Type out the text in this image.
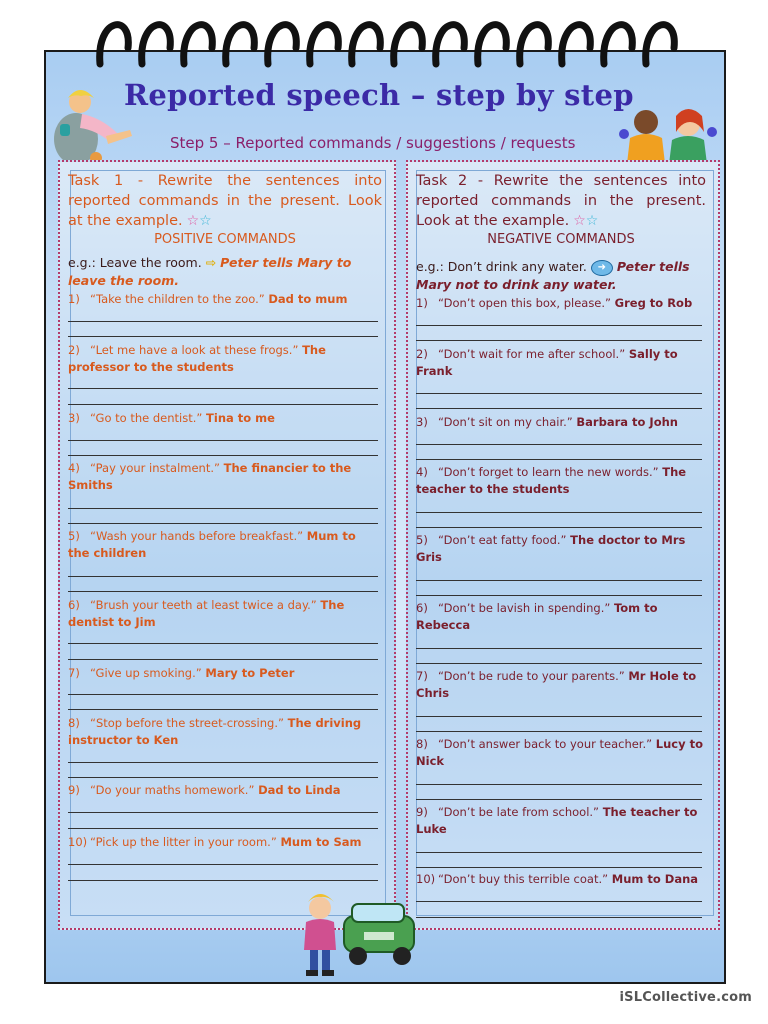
Reported speech – step by step
Step 5 – Reported commands / suggestions / requests
Task 1 - Rewrite the sentences into reported commands in the present. Look at the example. ☆☆
POSITIVE COMMANDS
e.g.: Leave the room. ⇨ Peter tells Mary to leave the room.
Task 2 - Rewrite the sentences into reported commands in the present. Look at the example. ☆☆
NEGATIVE COMMANDS
e.g.: Don’t drink any water. ➜ Peter tells Mary not to drink any water.
1) “Take the children to the zoo.” Dad to mum
2) “Let me have a look at these frogs.” The professor to the students
3) “Go to the dentist.” Tina to me
4) “Pay your instalment.” The financier to the Smiths
5) “Wash your hands before breakfast.” Mum to the children
6) “Brush your teeth at least twice a day.” The dentist to Jim
7) “Give up smoking.” Mary to Peter
8) “Stop before the street-crossing.” The driving instructor to Ken
9) “Do your maths homework.” Dad to Linda
10) “Pick up the litter in your room.” Mum to Sam
1) “Don’t open this box, please.” Greg to Rob
2) “Don’t wait for me after school.” Sally to Frank
3) “Don’t sit on my chair.” Barbara to John
4) “Don’t forget to learn the new words.” The teacher to the students
5) “Don’t eat fatty food.” The doctor to Mrs Gris
6) “Don’t be lavish in spending.” Tom to Rebecca
7) “Don’t be rude to your parents.” Mr Hole to Chris
8) “Don’t answer back to your teacher.” Lucy to Nick
9) “Don’t be late from school.” The teacher to Luke
10) “Don’t buy this terrible coat.” Mum to Dana
iSLCollective.com
